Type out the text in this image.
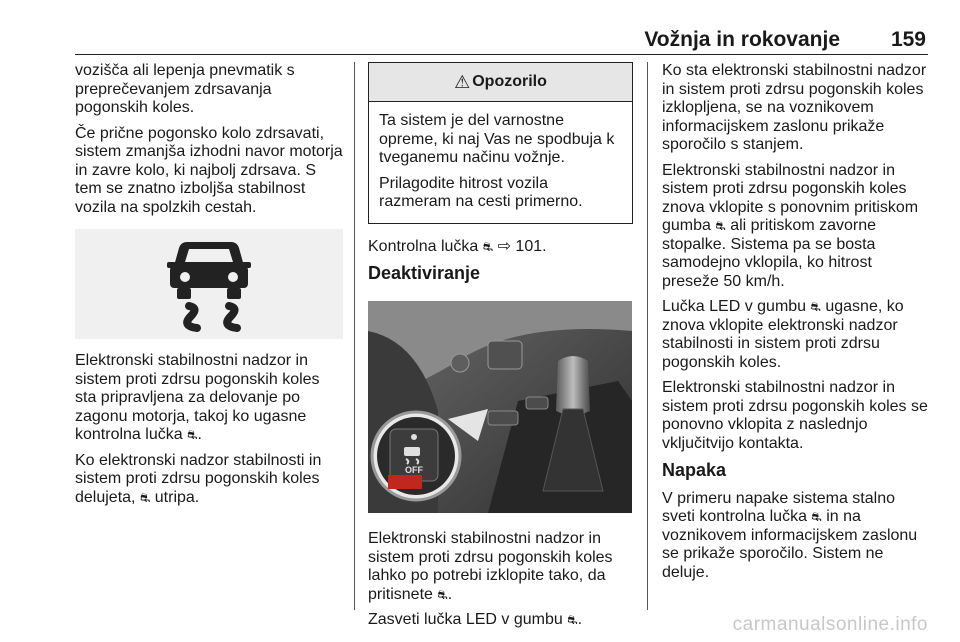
Vožnja in rokovanje 159

vozišča ali lepenja pnevmatik s preprečevanjem zdrsavanja pogonskih koles.

Če prične pogonsko kolo zdrsavati, sistem zmanjša izhodni navor motorja in zavre kolo, ki najbolj zdrsava. S tem se znatno izboljša stabilnost vozila na spolzkih cestah.

Elektronski stabilnostni nadzor in sistem proti zdrsu pogonskih koles sta pripravljena za delovanje po zagonu motorja, takoj ko ugasne kontrolna lučka ⛐.

Ko elektronski nadzor stabilnosti in sistem proti zdrsu pogonskih koles delujeta, ⛐ utripa.

⚠ Opozorilo

Ta sistem je del varnostne opreme, ki naj Vas ne spodbuja k tveganemu načinu vožnje.

Prilagodite hitrost vozila razmeram na cesti primerno.

Kontrolna lučka ⛐ ⇨ 101.

Deaktiviranje

OFF

Elektronski stabilnostni nadzor in sistem proti zdrsu pogonskih koles lahko po potrebi izklopite tako, da pritisnete ⛐.

Zasveti lučka LED v gumbu ⛐.

Ko sta elektronski stabilnostni nadzor in sistem proti zdrsu pogonskih koles izklopljena, se na voznikovem informacijskem zaslonu prikaže sporočilo s stanjem.

Elektronski stabilnostni nadzor in sistem proti zdrsu pogonskih koles znova vklopite s ponovnim pritiskom gumba ⛐ ali pritiskom zavorne stopalke. Sistema pa se bosta samodejno vklopila, ko hitrost preseže 50 km/h.

Lučka LED v gumbu ⛐ ugasne, ko znova vklopite elektronski nadzor stabilnosti in sistem proti zdrsu pogonskih koles.

Elektronski stabilnostni nadzor in sistem proti zdrsu pogonskih koles se ponovno vklopita z naslednjo vključitvijo kontakta.

Napaka

V primeru napake sistema stalno sveti kontrolna lučka ⛐ in na voznikovem informacijskem zaslonu se prikaže sporočilo. Sistem ne deluje.

carmanualsonline.info
